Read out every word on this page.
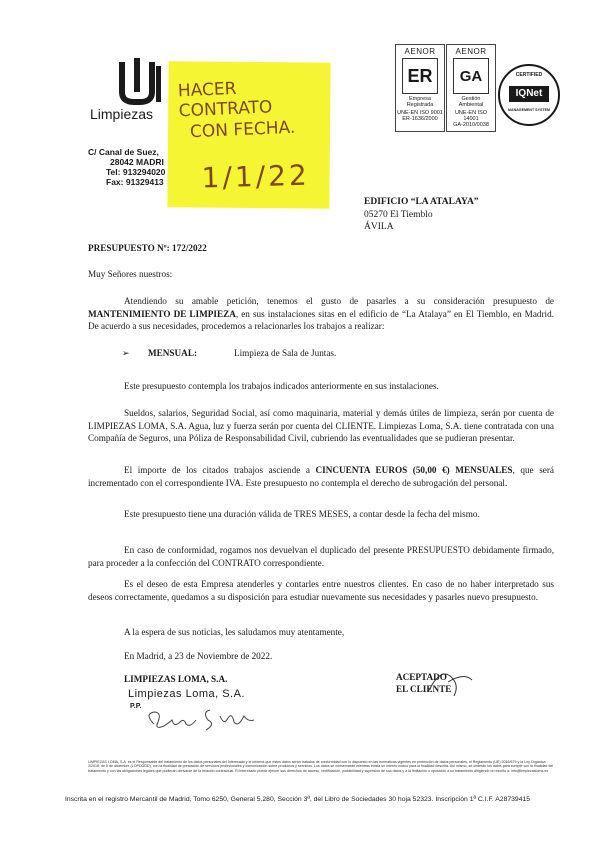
Limpiezas
C/ Canal de Suez,
28042 MADRI
Tel: 913294020
Fax: 91329413
AENOR
ER
Empresa
Registrada
UNE-EN ISO 9001
ER-1636/2000
AENOR
GA
Gestión
Ambiental
UNE-EN ISO 14001
GA-2010/0038
CERTIFIED
IQNet
MANAGEMENT SYSTEM
HACER CONTRATO
CON FECHA.
1/1/22
EDIFICIO “LA ATALAYA”
05270 El Tiemblo
ÁVILA
PRESUPUESTO Nº: 172/2022
Muy Señores nuestros:

Atendiendo su amable petición, tenemos el gusto de pasarles a su consideración presupuesto de MANTENIMIENTO DE LIMPIEZA, en sus instalaciones sitas en el edificio de “La Atalaya” en El Tiemblo, en Madrid. De acuerdo a sus necesidades, procedemos a relacionarles los trabajos a realizar:

➢ MENSUAL:	Limpieza de Sala de Juntas.

Este presupuesto contempla los trabajos indicados anteriormente en sus instalaciones.

Sueldos, salarios, Seguridad Social, así como maquinaria, material y demás útiles de limpieza, serán por cuenta de LIMPIEZAS LOMA, S.A. Agua, luz y fuerza serán por cuenta del CLIENTE. Limpiezas Loma, S.A. tiene contratada con una Compañía de Seguros, una Póliza de Responsabilidad Civil, cubriendo las eventualidades que se pudieran presentar.

El importe de los citados trabajos asciende a CINCUENTA EUROS (50,00 €) MENSUALES, que será incrementado con el correspondiente IVA. Este presupuesto no contempla el derecho de subrogación del personal.

Este presupuesto tiene una duración válida de TRES MESES, a contar desde la fecha del mismo.

En caso de conformidad, rogamos nos devuelvan el duplicado del presente PRESUPUESTO debidamente firmado, para proceder a la confección del CONTRATO correspondiente.

Es el deseo de esta Empresa atenderles y contarles entre nuestros clientes. En caso de no haber interpretado sus deseos correctamente, quedamos a su disposición para estudiar nuevamente sus necesidades y pasarles nuevo presupuesto.

A la espera de sus noticias, les saludamos muy atentamente,

En Madrid, a 23 de Noviembre de 2022.

LIMPIEZAS LOMA, S.A.
Limpiezas Loma, S.A.
P.P.
ACEPTADO
EL CLIENTE
LIMPIEZAS LOMA, S.A. es el Responsable del tratamiento de los datos personales del Interesado y le informa que estos datos serán tratados de conformidad con lo dispuesto en las normativas vigentes en protección de datos personales, el Reglamento (UE) 2016/679 y la Ley Orgánica 3/2018, de 5 de diciembre (LOPDGDD), con la finalidad de prestación de servicios profesionales y comunicación sobre productos y servicios. Los datos se conservarán mientras exista un interés mutuo para la finalidad descrita. Así mismo, se cederán los datos para cumplir con la finalidad del tratamiento y con las obligaciones legales que pudieran derivarse de la relación contractual. El Interesado puede ejercer sus derechos de acceso, rectificación, portabilidad y supresión de sus datos y a la limitación u oposición a su tratamiento dirigiendo un escrito a: info@limpiezasloma.es
Inscrita en el registro Mercantil de Madrid, Tomo 6250, General 5.280, Sección 3ª, del Libro de Sociedades 30 hoja 52323. Inscripción 1ª C.I.F. A28739415
